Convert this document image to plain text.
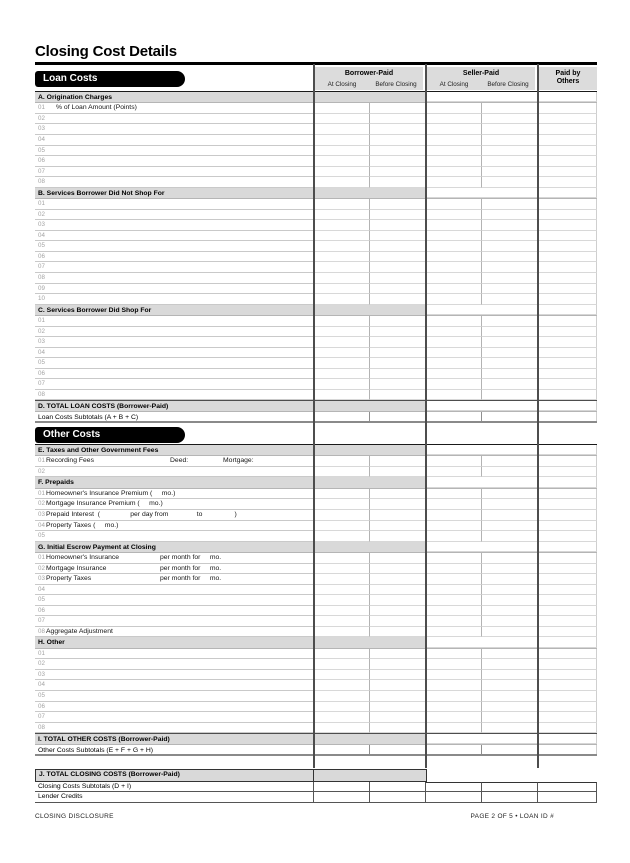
Closing Cost Details
Borrower-Paid
At Closing	Before Closing
Seller-Paid
At Closing	Before Closing
Paid by
Others
Loan Costs
A. Origination Charges
01 % of Loan Amount (Points)
02
03
04
05
06
07
08
B. Services Borrower Did Not Shop For
01
02
03
04
05
06
07
08
09
10
C. Services Borrower Did Shop For
01
02
03
04
05
06
07
08
D. TOTAL LOAN COSTS (Borrower-Paid)
Loan Costs Subtotals (A + B + C)
Other Costs
E. Taxes and Other Government Fees
01Recording Fees	Deed:	Mortgage:
02
F. Prepaids
01Homeowner's Insurance Premium (     mo.)
02Mortgage Insurance Premium (     mo.)
03Prepaid Interest  (                per day from               to                 )
04Property Taxes (     mo.)
05
G. Initial Escrow Payment at Closing
01Homeowner's Insurance	per month for     mo.
02Mortgage Insurance	per month for     mo.
03Property Taxes	per month for     mo.
04
05
06
07
08Aggregate Adjustment
H. Other
01
02
03
04
05
06
07
08
I. TOTAL OTHER COSTS (Borrower-Paid)
Other Costs Subtotals (E + F + G + H)
J. TOTAL CLOSING COSTS (Borrower-Paid)
Closing Costs Subtotals (D + I)
Lender Credits
CLOSING DISCLOSURE	PAGE 2 OF 5 • LOAN ID #
